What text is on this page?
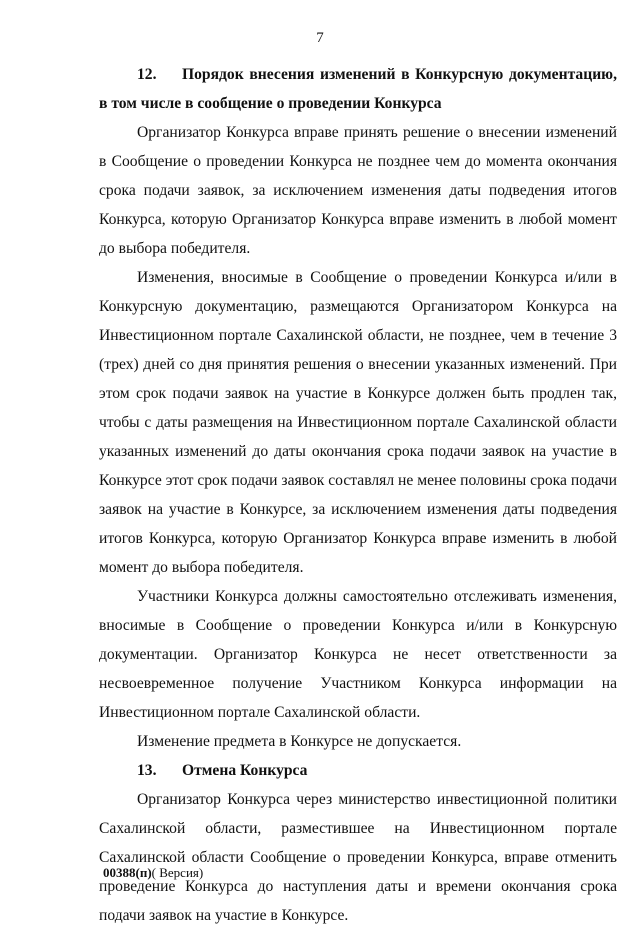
7

12. Порядок внесения изменений в Конкурсную документацию, в том числе в сообщение о проведении Конкурса

Организатор Конкурса вправе принять решение о внесении изменений в Сообщение о проведении Конкурса не позднее чем до момента окончания срока подачи заявок, за исключением изменения даты подведения итогов Конкурса, которую Организатор Конкурса вправе изменить в любой момент до выбора победителя.

Изменения, вносимые в Сообщение о проведении Конкурса и/или в Конкурсную документацию, размещаются Организатором Конкурса на Инвестиционном портале Сахалинской области, не позднее, чем в течение 3 (трех) дней со дня принятия решения о внесении указанных изменений. При этом срок подачи заявок на участие в Конкурсе должен быть продлен так, чтобы с даты размещения на Инвестиционном портале Сахалинской области указанных изменений до даты окончания срока подачи заявок на участие в Конкурсе этот срок подачи заявок составлял не менее половины срока подачи заявок на участие в Конкурсе, за исключением изменения даты подведения итогов Конкурса, которую Организатор Конкурса вправе изменить в любой момент до выбора победителя.

Участники Конкурса должны самостоятельно отслеживать изменения, вносимые в Сообщение о проведении Конкурса и/или в Конкурсную документации. Организатор Конкурса не несет ответственности за несвоевременное получение Участником Конкурса информации на Инвестиционном портале Сахалинской области.

Изменение предмета в Конкурсе не допускается.

13. Отмена Конкурса

Организатор Конкурса через министерство инвестиционной политики Сахалинской области, разместившее на Инвестиционном портале Сахалинской области Сообщение о проведении Конкурса, вправе отменить проведение Конкурса до наступления даты и времени окончания срока подачи заявок на участие в Конкурсе.

00388(п)( Версия)
